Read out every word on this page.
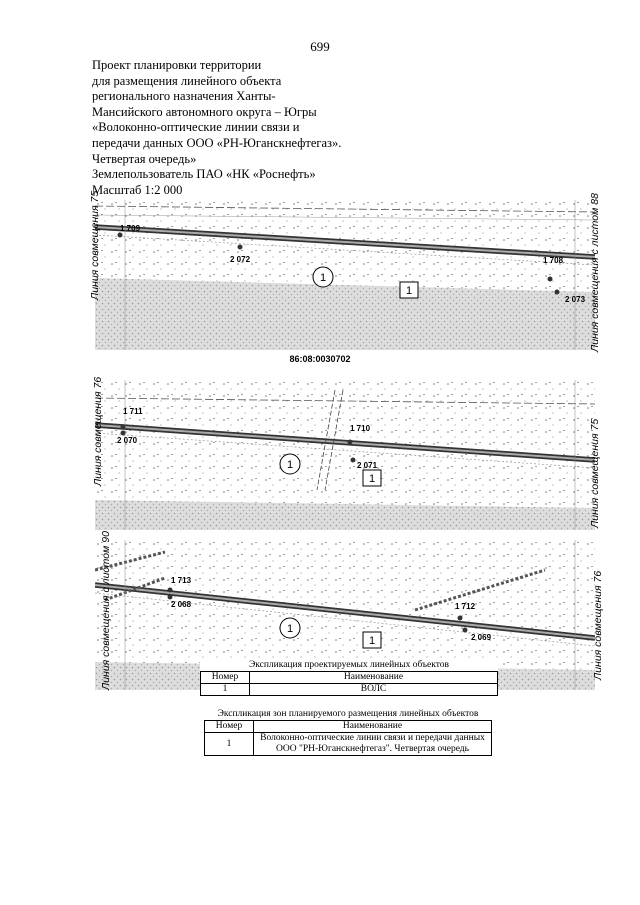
699
Проект планировки территории
для размещения линейного объекта
регионального назначения Ханты-
Мансийского автономного округа – Югры
«Волоконно-оптические линии связи и
передачи данных ООО «РН-Юганскнефтегаз».
Четвертая очередь»
Землепользователь ПАО «НК «Роснефть»
Масштаб 1:2 000
1 709
2 072	1 708
2 073
1
1
Линия совмещения 75	Линия совмещения с листом 88
86:08:0030702
1 711
2 070
1 710
2 071
1
1
Линия совмещения 76	Линия совмещения 75
1 713
2 068	1 712
2 069
1
1
Линия совмещения с листом 90	Линия совмещения 76
Экспликация проектируемых линейных объектов
Номер	Наименование
1	ВОЛС
Экспликация зон планируемого размещения линейных объектов
Номер	Наименование
1	Волоконно-оптические линии связи и передачи данных
ООО "РН-Юганскнефтегаз". Четвертая очередь
